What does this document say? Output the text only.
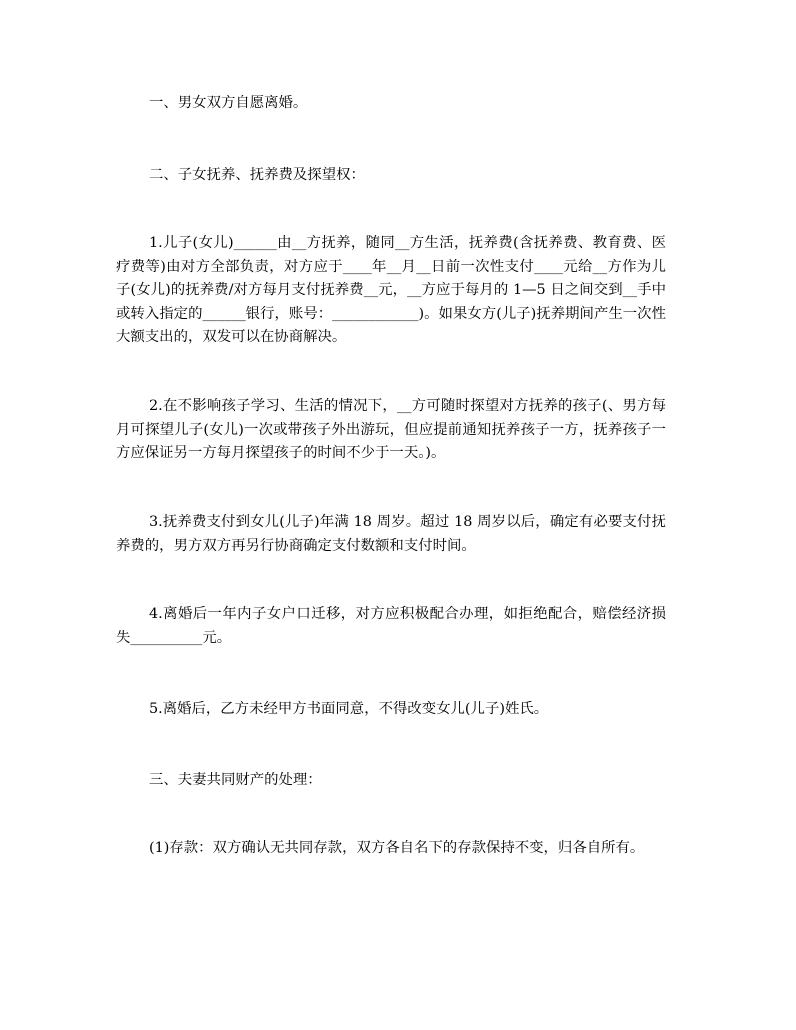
一、男女双方自愿离婚。

二、子女抚养、抚养费及探望权：

1.儿子(女儿)______由__方抚养，随同__方生活，抚养费(含抚养费、教育费、医疗费等)由对方全部负责，对方应于____年__月__日前一次性支付____元给__方作为儿子(女儿)的抚养费/对方每月支付抚养费__元，__方应于每月的 1—5 日之间交到__手中或转入指定的______银行，账号：____________)。如果女方(儿子)抚养期间产生一次性大额支出的，双发可以在协商解决。

2.在不影响孩子学习、生活的情况下，__方可随时探望对方抚养的孩子(、男方每月可探望儿子(女儿)一次或带孩子外出游玩，但应提前通知抚养孩子一方，抚养孩子一方应保证另一方每月探望孩子的时间不少于一天。)。

3.抚养费支付到女儿(儿子)年满 18 周岁。超过 18 周岁以后，确定有必要支付抚养费的，男方双方再另行协商确定支付数额和支付时间。

4.离婚后一年内子女户口迁移，对方应积极配合办理，如拒绝配合，赔偿经济损失__________元。

5.离婚后，乙方未经甲方书面同意，不得改变女儿(儿子)姓氏。

三、夫妻共同财产的处理：

(1)存款：双方确认无共同存款，双方各自名下的存款保持不变，归各自所有。
